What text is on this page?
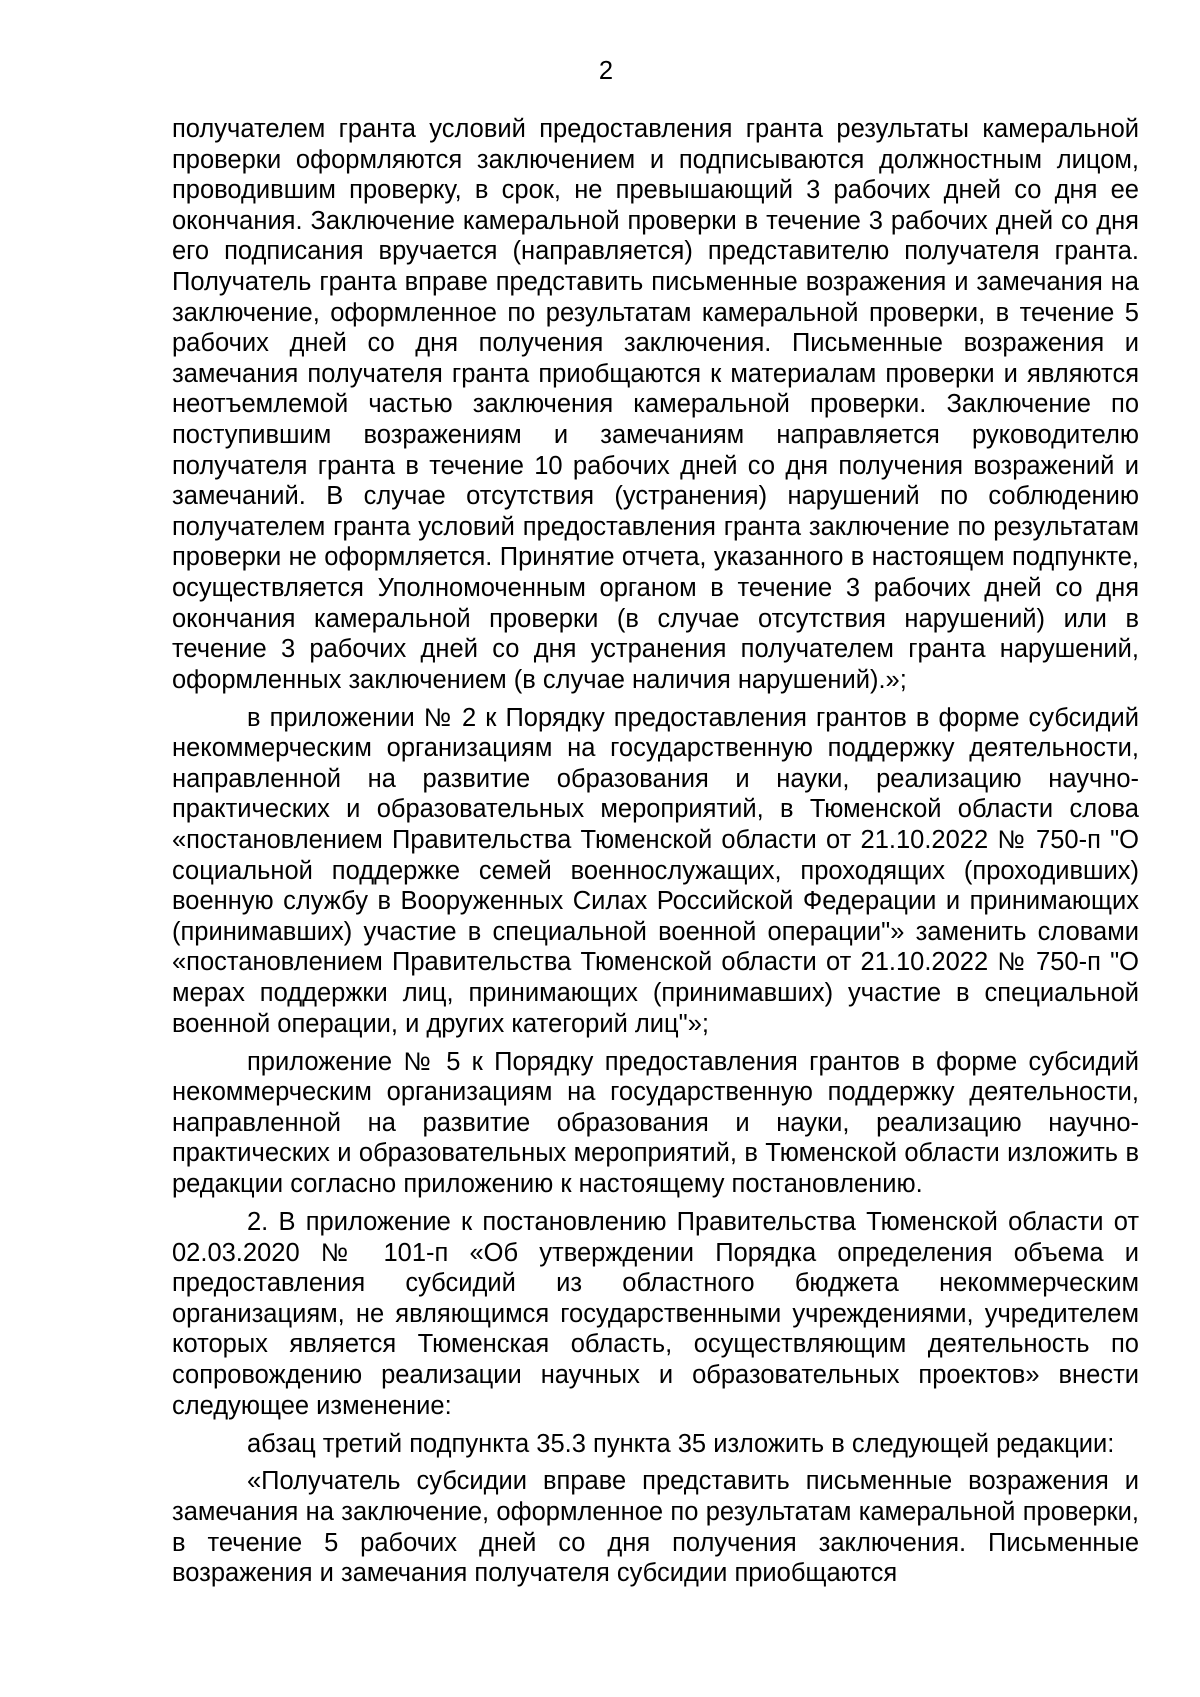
2

получателем гранта условий предоставления гранта результаты камеральной проверки оформляются заключением и подписываются должностным лицом, проводившим проверку, в срок, не превышающий 3 рабочих дней со дня ее окончания. Заключение камеральной проверки в течение 3 рабочих дней со дня его подписания вручается (направляется) представителю получателя гранта. Получатель гранта вправе представить письменные возражения и замечания на заключение, оформленное по результатам камеральной проверки, в течение 5 рабочих дней со дня получения заключения. Письменные возражения и замечания получателя гранта приобщаются к материалам проверки и являются неотъемлемой частью заключения камеральной проверки. Заключение по поступившим возражениям и замечаниям направляется руководителю получателя гранта в течение 10 рабочих дней со дня получения возражений и замечаний. В случае отсутствия (устранения) нарушений по соблюдению получателем гранта условий предоставления гранта заключение по результатам проверки не оформляется. Принятие отчета, указанного в настоящем подпункте, осуществляется Уполномоченным органом в течение 3 рабочих дней со дня окончания камеральной проверки (в случае отсутствия нарушений) или в течение 3 рабочих дней со дня устранения получателем гранта нарушений, оформленных заключением (в случае наличия нарушений).»;

в приложении № 2 к Порядку предоставления грантов в форме субсидий некоммерческим организациям на государственную поддержку деятельности, направленной на развитие образования и науки, реализацию научно-практических и образовательных мероприятий, в Тюменской области слова «постановлением Правительства Тюменской области от 21.10.2022 № 750-п "О социальной поддержке семей военнослужащих, проходящих (проходивших) военную службу в Вооруженных Силах Российской Федерации и принимающих (принимавших) участие в специальной военной операции"» заменить словами «постановлением Правительства Тюменской области от 21.10.2022 № 750-п "О мерах поддержки лиц, принимающих (принимавших) участие в специальной военной операции, и других категорий лиц"»;

приложение № 5 к Порядку предоставления грантов в форме субсидий некоммерческим организациям на государственную поддержку деятельности, направленной на развитие образования и науки, реализацию научно-практических и образовательных мероприятий, в Тюменской области изложить в редакции согласно приложению к настоящему постановлению.

2. В приложение к постановлению Правительства Тюменской области от 02.03.2020 № 101-п «Об утверждении Порядка определения объема и предоставления субсидий из областного бюджета некоммерческим организациям, не являющимся государственными учреждениями, учредителем которых является Тюменская область, осуществляющим деятельность по сопровождению реализации научных и образовательных проектов» внести следующее изменение:

абзац третий подпункта 35.3 пункта 35 изложить в следующей редакции:

«Получатель субсидии вправе представить письменные возражения и замечания на заключение, оформленное по результатам камеральной проверки, в течение 5 рабочих дней со дня получения заключения. Письменные возражения и замечания получателя субсидии приобщаются
